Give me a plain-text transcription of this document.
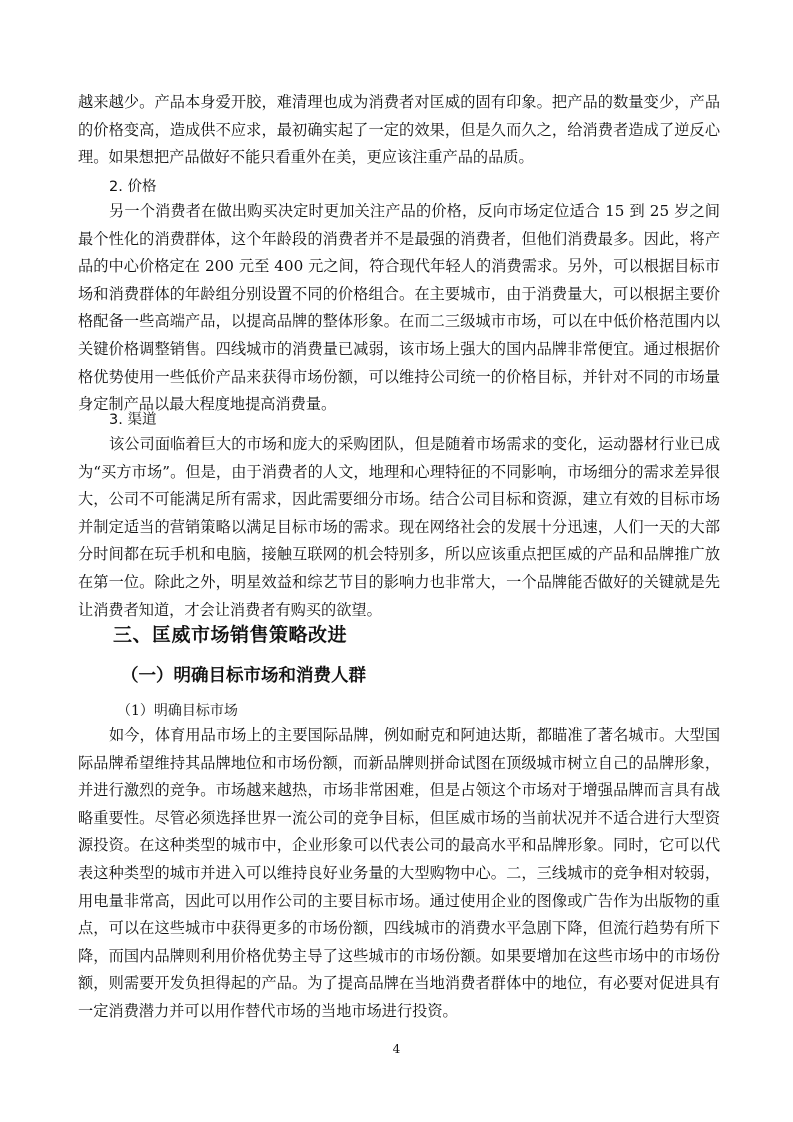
越来越少。产品本身爱开胶，难清理也成为消费者对匡威的固有印象。把产品的数量变少，产品的价格变高，造成供不应求，最初确实起了一定的效果，但是久而久之，给消费者造成了逆反心理。如果想把产品做好不能只看重外在美，更应该注重产品的品质。

2. 价格

另一个消费者在做出购买决定时更加关注产品的价格，反向市场定位适合 15 到 25 岁之间最个性化的消费群体，这个年龄段的消费者并不是最强的消费者，但他们消费最多。因此，将产品的中心价格定在 200 元至 400 元之间，符合现代年轻人的消费需求。另外，可以根据目标市场和消费群体的年龄组分别设置不同的价格组合。在主要城市，由于消费量大，可以根据主要价格配备一些高端产品，以提高品牌的整体形象。在而二三级城市市场，可以在中低价格范围内以关键价格调整销售。四线城市的消费量已减弱，该市场上强大的国内品牌非常便宜。通过根据价格优势使用一些低价产品来获得市场份额，可以维持公司统一的价格目标，并针对不同的市场量身定制产品以最大程度地提高消费量。

3. 渠道

该公司面临着巨大的市场和庞大的采购团队，但是随着市场需求的变化，运动器材行业已成为“买方市场”。但是，由于消费者的人文，地理和心理特征的不同影响，市场细分的需求差异很大，公司不可能满足所有需求，因此需要细分市场。结合公司目标和资源，建立有效的目标市场并制定适当的营销策略以满足目标市场的需求。现在网络社会的发展十分迅速，人们一天的大部分时间都在玩手机和电脑，接触互联网的机会特别多，所以应该重点把匡威的产品和品牌推广放在第一位。除此之外，明星效益和综艺节目的影响力也非常大，一个品牌能否做好的关键就是先让消费者知道，才会让消费者有购买的欲望。

三、匡威市场销售策略改进
（一）明确目标市场和消费人群
（1）明确目标市场

如今，体育用品市场上的主要国际品牌，例如耐克和阿迪达斯，都瞄准了著名城市。大型国际品牌希望维持其品牌地位和市场份额，而新品牌则拼命试图在顶级城市树立自己的品牌形象，并进行激烈的竞争。市场越来越热，市场非常困难，但是占领这个市场对于增强品牌而言具有战略重要性。尽管必须选择世界一流公司的竞争目标，但匡威市场的当前状况并不适合进行大型资源投资。在这种类型的城市中，企业形象可以代表公司的最高水平和品牌形象。同时，它可以代表这种类型的城市并进入可以维持良好业务量的大型购物中心。二，三线城市的竞争相对较弱，用电量非常高，因此可以用作公司的主要目标市场。通过使用企业的图像或广告作为出版物的重点，可以在这些城市中获得更多的市场份额，四线城市的消费水平急剧下降，但流行趋势有所下降，而国内品牌则利用价格优势主导了这些城市的市场份额。如果要增加在这些市场中的市场份额，则需要开发负担得起的产品。为了提高品牌在当地消费者群体中的地位，有必要对促进具有一定消费潜力并可以用作替代市场的当地市场进行投资。

4
